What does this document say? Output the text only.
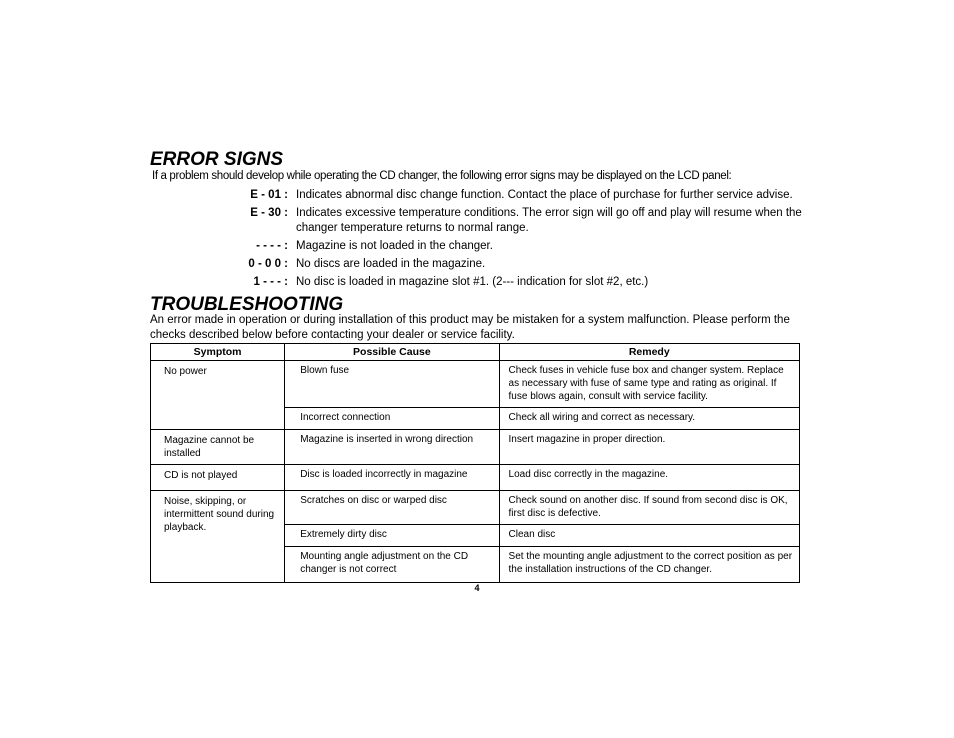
ERROR SIGNS

If a problem should develop while operating the CD changer, the following error signs may be displayed on the LCD panel:

E - 01 : Indicates abnormal disc change function. Contact the place of purchase for further service advise.
E - 30 : Indicates excessive temperature conditions. The error sign will go off and play will resume when the changer temperature returns to normal range.
- - - - : Magazine is not loaded in the changer.
0 - 0 0 : No discs are loaded in the magazine.
1 - - - : No disc is loaded in magazine slot #1. (2--- indication for slot #2, etc.)
TROUBLESHOOTING

An error made in operation or during installation of this product may be mistaken for a system malfunction. Please perform the checks described below before contacting your dealer or service facility.

Symptom	Possible Cause	Remedy
No power	Blown fuse	Check fuses in vehicle fuse box and changer system. Replace as necessary with fuse of same type and rating as original. If fuse blows again, consult with service facility.
	Incorrect connection	Check all wiring and correct as necessary.
Magazine cannot be installed	Magazine is inserted in wrong direction	Insert magazine in proper direction.
CD is not played	Disc is loaded incorrectly in magazine	Load disc correctly in the magazine.
Noise, skipping, or intermittent sound during playback.	Scratches on disc or warped disc	Check sound on another disc. If sound from second disc is OK, first disc is defective.
	Extremely dirty disc	Clean disc
	Mounting angle adjustment on the CD changer is not correct	Set the mounting angle adjustment to the correct position as per the installation instructions of the CD changer.
4
